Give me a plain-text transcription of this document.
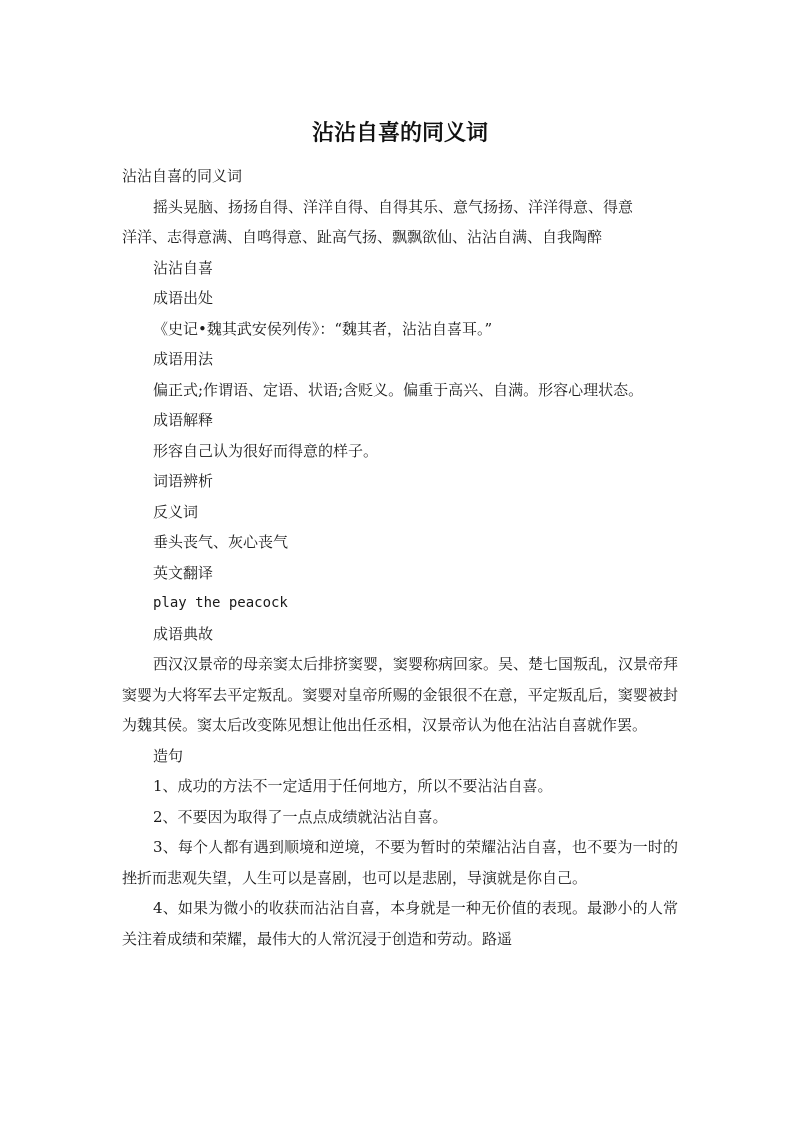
沾沾自喜的同义词

沾沾自喜的同义词

摇头晃脑、扬扬自得、洋洋自得、自得其乐、意气扬扬、洋洋得意、得意

洋洋、志得意满、自鸣得意、趾高气扬、飘飘欲仙、沾沾自满、自我陶醉

沾沾自喜

成语出处

《史记•魏其武安侯列传》：“魏其者，沾沾自喜耳。”

成语用法

偏正式;作谓语、定语、状语;含贬义。偏重于高兴、自满。形容心理状态。

成语解释

形容自己认为很好而得意的样子。

词语辨析

反义词

垂头丧气、灰心丧气

英文翻译

play the peacock

成语典故

西汉汉景帝的母亲窦太后排挤窦婴，窦婴称病回家。吴、楚七国叛乱，汉景帝拜窦婴为大将军去平定叛乱。窦婴对皇帝所赐的金银很不在意，平定叛乱后，窦婴被封为魏其侯。窦太后改变陈见想让他出任丞相，汉景帝认为他在沾沾自喜就作罢。

造句

1、成功的方法不一定适用于任何地方，所以不要沾沾自喜。

2、不要因为取得了一点点成绩就沾沾自喜。

3、每个人都有遇到顺境和逆境，不要为暂时的荣耀沾沾自喜，也不要为一时的挫折而悲观失望，人生可以是喜剧，也可以是悲剧，导演就是你自己。

4、如果为微小的收获而沾沾自喜，本身就是一种无价值的表现。最渺小的人常关注着成绩和荣耀，最伟大的人常沉浸于创造和劳动。路遥
